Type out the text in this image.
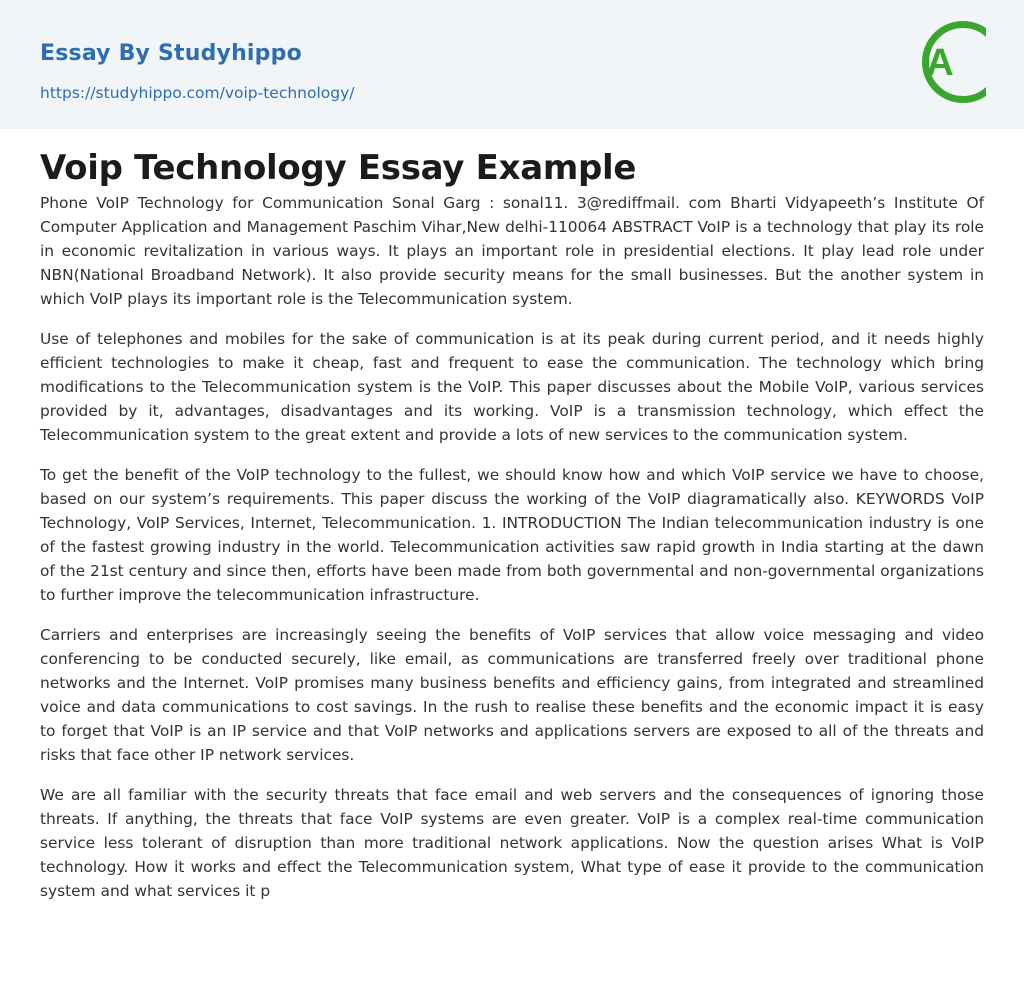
Essay By Studyhippo
https://studyhippo.com/voip-technology/
A
Voip Technology Essay Example

Phone VoIP Technology for Communication Sonal Garg : sonal11. 3@rediffmail. com Bharti Vidyapeeth’s Institute Of Computer Application and Management Paschim Vihar,New delhi-110064 ABSTRACT VoIP is a technology that play its role in economic revitalization in various ways. It plays an important role in presidential elections. It play lead role under NBN(National Broadband Network). It also provide security means for the small businesses. But the another system in which VoIP plays its important role is the Telecommunication system.

Use of telephones and mobiles for the sake of communication is at its peak during current period, and it needs highly efficient technologies to make it cheap, fast and frequent to ease the communication. The technology which bring modifications to the Telecommunication system is the VoIP. This paper discusses about the Mobile VoIP, various services provided by it, advantages, disadvantages and its working. VoIP is a transmission technology, which effect the Telecommunication system to the great extent and provide a lots of new services to the communication system.

To get the benefit of the VoIP technology to the fullest, we should know how and which VoIP service we have to choose, based on our system’s requirements. This paper discuss the working of the VoIP diagramatically also. KEYWORDS VoIP Technology, VoIP Services, Internet, Telecommunication. 1. INTRODUCTION The Indian telecommunication industry is one of the fastest growing industry in the world. Telecommunication activities saw rapid growth in India starting at the dawn of the 21st century and since then, efforts have been made from both governmental and non-governmental organizations to further improve the telecommunication infrastructure.

Carriers and enterprises are increasingly seeing the benefits of VoIP services that allow voice messaging and video conferencing to be conducted securely, like email, as communications are transferred freely over traditional phone networks and the Internet. VoIP promises many business benefits and efficiency gains, from integrated and streamlined voice and data communications to cost savings. In the rush to realise these benefits and the economic impact it is easy to forget that VoIP is an IP service and that VoIP networks and applications servers are exposed to all of the threats and risks that face other IP network services.

We are all familiar with the security threats that face email and web servers and the consequences of ignoring those threats. If anything, the threats that face VoIP systems are even greater. VoIP is a complex real-time communication service less tolerant of disruption than more traditional network applications. Now the question arises What is VoIP technology. How it works and effect the Telecommunication system, What type of ease it provide to the communication system and what services it p
